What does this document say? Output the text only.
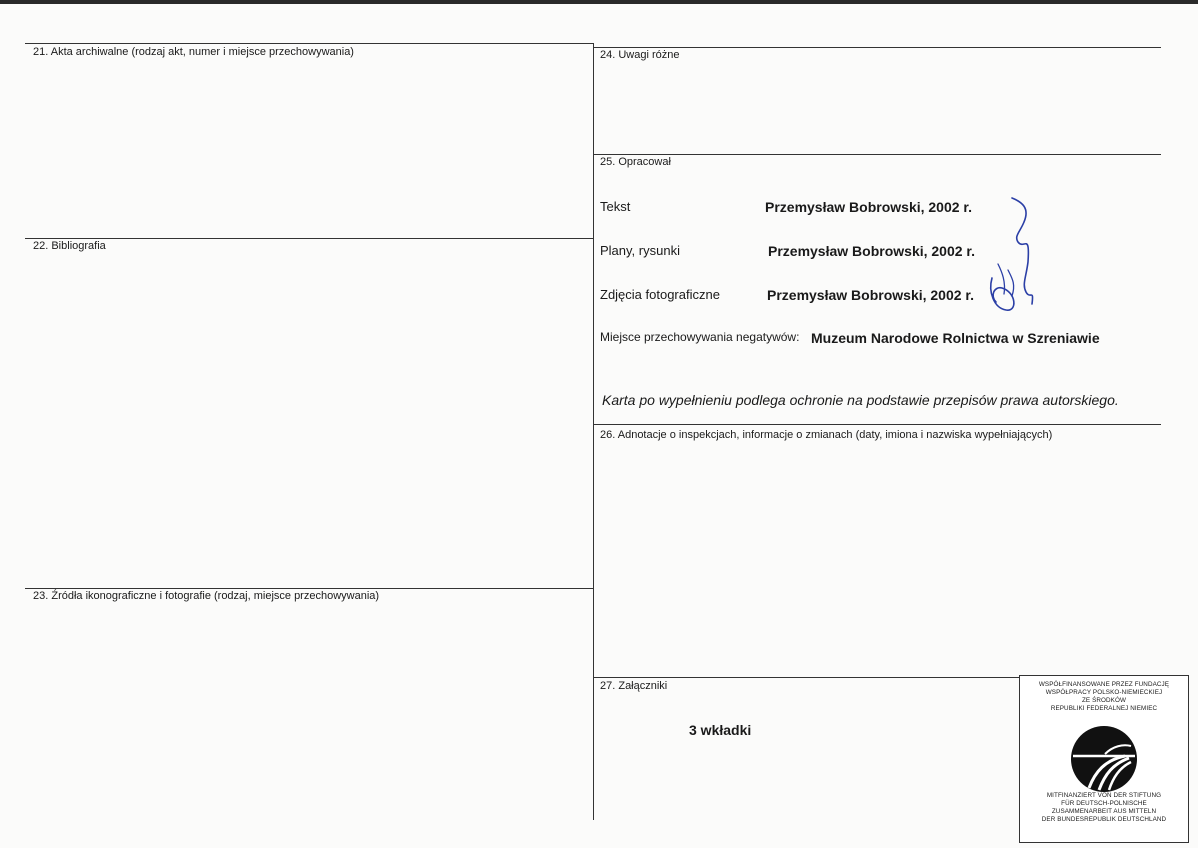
21. Akta archiwalne (rodzaj akt, numer i miejsce przechowywania)
22. Bibliografia
23. Źródła ikonograficzne i fotografie (rodzaj, miejsce przechowywania)
24. Uwagi różne
25. Opracował
Tekst	Przemysław Bobrowski, 2002 r.
Plany, rysunki	Przemysław Bobrowski, 2002 r.
Zdjęcia fotograficzne	Przemysław Bobrowski, 2002 r.
Miejsce przechowywania negatywów: Muzeum Narodowe Rolnictwa w Szreniawie
Karta po wypełnieniu podlega ochronie na podstawie przepisów prawa autorskiego.
26. Adnotacje o inspekcjach, informacje o zmianach (daty, imiona i nazwiska wypełniających)
27. Załączniki
3 wkładki
WSPÓŁFINANSOWANE PRZEZ FUNDACJĘ
WSPÓŁPRACY POLSKO-NIEMIECKIEJ
ZE ŚRODKÓW
REPUBLIKI FEDERALNEJ NIEMIEC
MITFINANZIERT VON DER STIFTUNG
FÜR DEUTSCH-POLNISCHE
ZUSAMMENARBEIT AUS MITTELN
DER BUNDESREPUBLIK DEUTSCHLAND
